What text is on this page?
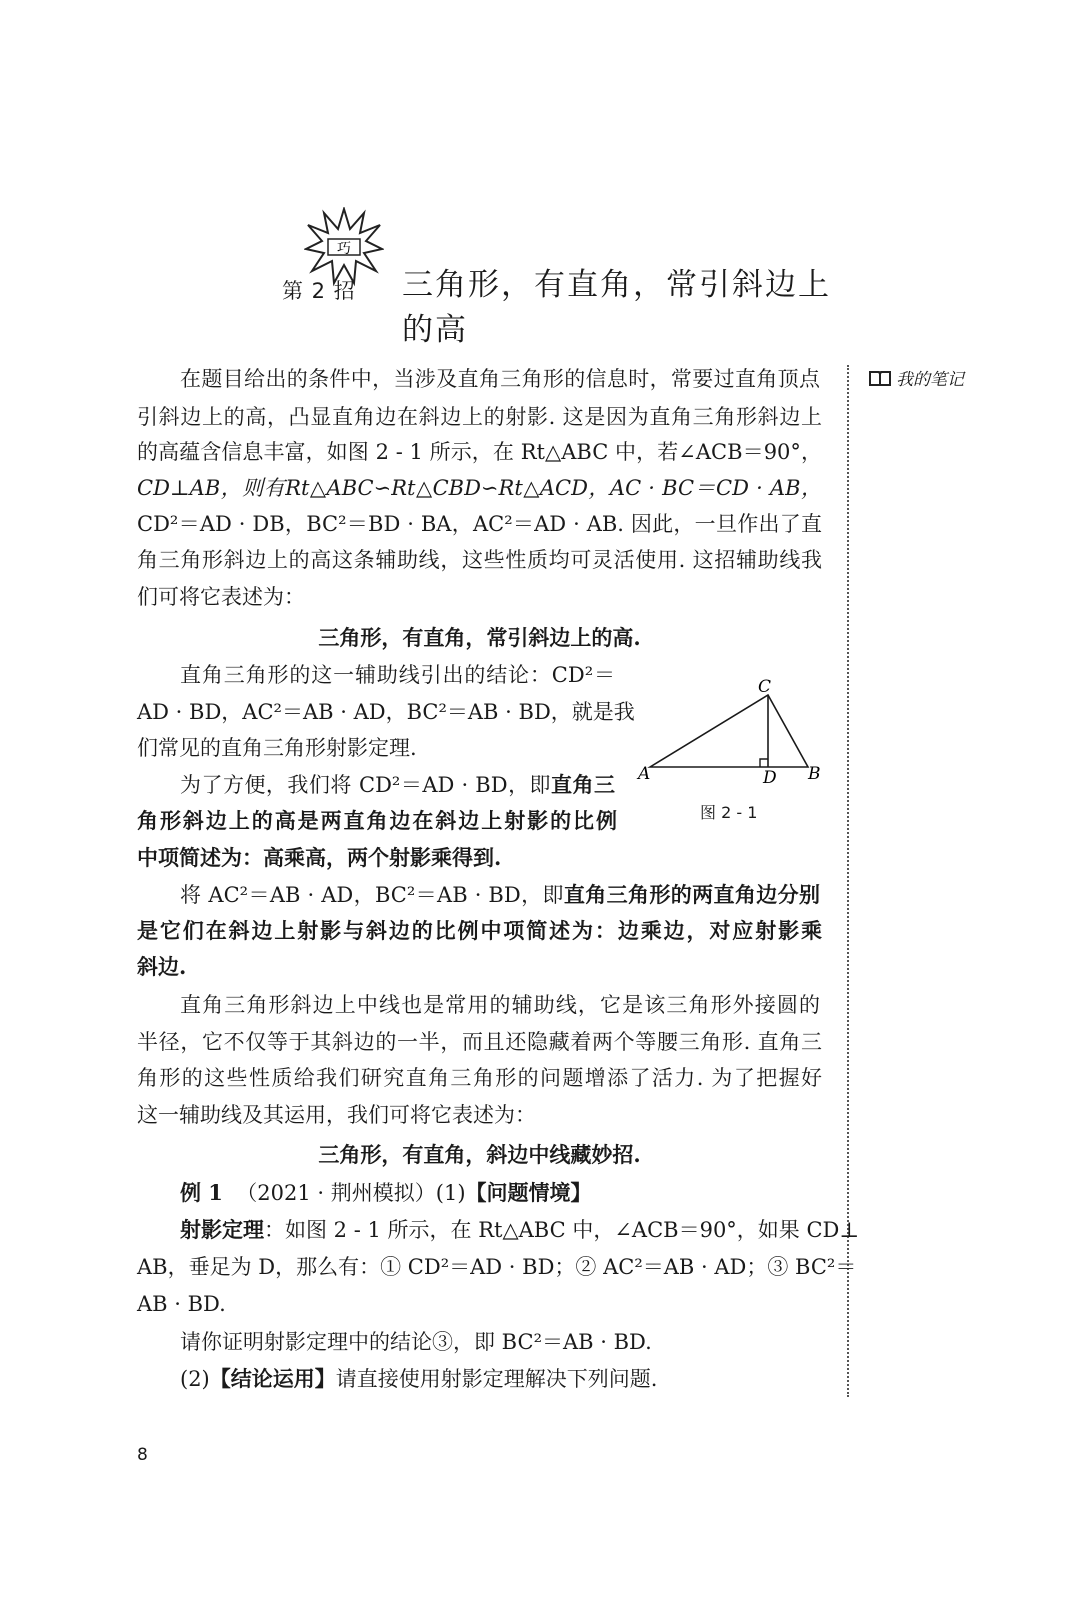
巧
第 2 招 三角形，有直角，常引斜边上的高
我的笔记
在题目给出的条件中，当涉及直角三角形的信息时，常要过直角顶点
引斜边上的高，凸显直角边在斜边上的射影. 这是因为直角三角形斜边上
的高蕴含信息丰富，如图 2 - 1 所示，在 Rt△ABC 中，若∠ACB＝90°，
CD⊥AB，则有Rt△ABC∽Rt△CBD∽Rt△ACD，AC · BC＝CD · AB，
CD²＝AD · DB，BC²＝BD · BA，AC²＝AD · AB. 因此，一旦作出了直
角三角形斜边上的高这条辅助线，这些性质均可灵活使用. 这招辅助线我
们可将它表述为：
三角形，有直角，常引斜边上的高.
直角三角形的这一辅助线引出的结论：CD²＝
AD · BD，AC²＝AB · AD，BC²＝AB · BD，就是我
们常见的直角三角形射影定理.
为了方便，我们将 CD²＝AD · BD，即直角三
角形斜边上的高是两直角边在斜边上射影的比例
中项简述为：高乘高，两个射影乘得到.
C
A	D B
图 2 - 1
将 AC²＝AB · AD，BC²＝AB · BD，即直角三角形的两直角边分别
是它们在斜边上射影与斜边的比例中项简述为：边乘边，对应射影乘
斜边.
直角三角形斜边上中线也是常用的辅助线，它是该三角形外接圆的
半径，它不仅等于其斜边的一半，而且还隐藏着两个等腰三角形. 直角三
角形的这些性质给我们研究直角三角形的问题增添了活力. 为了把握好
这一辅助线及其运用，我们可将它表述为：
三角形，有直角，斜边中线藏妙招.
例 1 （2021 · 荆州模拟）(1)【问题情境】
射影定理：如图 2 - 1 所示，在 Rt△ABC 中，∠ACB＝90°，如果 CD⊥
AB，垂足为 D，那么有：① CD²＝AD · BD；② AC²＝AB · AD；③ BC²＝
AB · BD.
请你证明射影定理中的结论③，即 BC²＝AB · BD.
(2)【结论运用】请直接使用射影定理解决下列问题.
8
